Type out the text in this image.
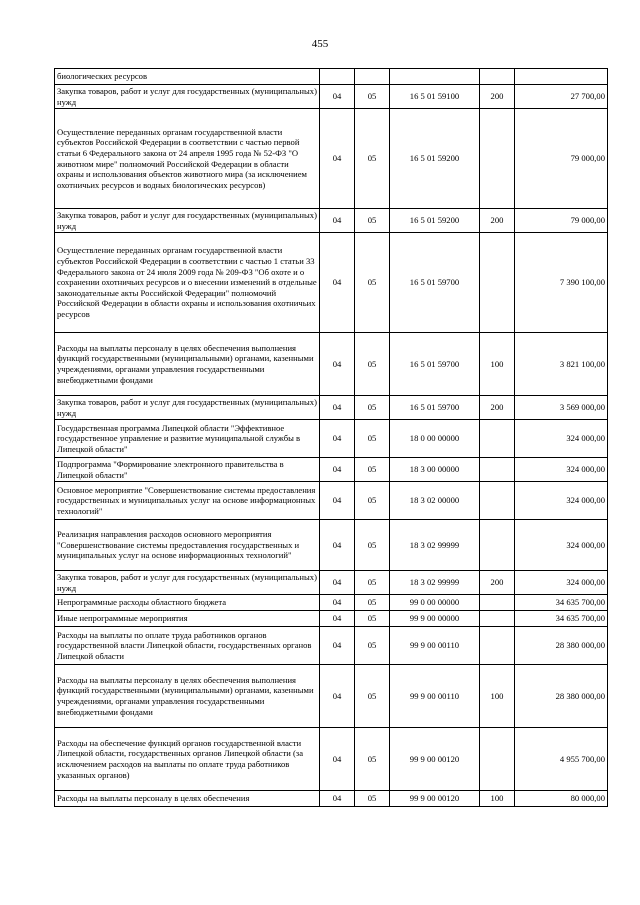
455
биологических ресурсов					
Закупка товаров, работ и услуг для государственных (муниципальных) нужд	04	05	16 5 01 59100	200	27 700,00
Осуществление переданных органам государственной власти субъектов Российской Федерации в соответствии с частью первой статьи 6 Федерального закона от 24 апреля 1995 года № 52-ФЗ "О животном мире" полномочий Российской Федерации в области охраны и использования объектов животного мира (за исключением охотничьих ресурсов и водных биологических ресурсов)	04	05	16 5 01 59200		79 000,00
Закупка товаров, работ и услуг для государственных (муниципальных) нужд	04	05	16 5 01 59200	200	79 000,00
Осуществление переданных органам государственной власти субъектов Российской Федерации в соответствии с частью 1 статьи 33 Федерального закона от 24 июля 2009 года № 209-ФЗ "Об охоте и о сохранении охотничьих ресурсов и о внесении изменений в отдельные законодательные акты Российской Федерации" полномочий Российской Федерации в области охраны и использования охотничьих ресурсов	04	05	16 5 01 59700		7 390 100,00
Расходы на выплаты персоналу в целях обеспечения выполнения функций государственными (муниципальными) органами, казенными учреждениями, органами управления государственными внебюджетными фондами	04	05	16 5 01 59700	100	3 821 100,00
Закупка товаров, работ и услуг для государственных (муниципальных) нужд	04	05	16 5 01 59700	200	3 569 000,00
Государственная программа Липецкой области "Эффективное государственное управление и развитие муниципальной службы в Липецкой области"	04	05	18 0 00 00000		324 000,00
Подпрограмма "Формирование электронного правительства в Липецкой области"	04	05	18 3 00 00000		324 000,00
Основное мероприятие "Совершенствование системы предоставления государственных и муниципальных услуг на основе информационных технологий"	04	05	18 3 02 00000		324 000,00
Реализация направления расходов основного мероприятия "Совершенствование системы предоставления государственных и муниципальных услуг на основе информационных технологий"	04	05	18 3 02 99999		324 000,00
Закупка товаров, работ и услуг для государственных (муниципальных) нужд	04	05	18 3 02 99999	200	324 000,00
Непрограммные расходы областного бюджета	04	05	99 0 00 00000		34 635 700,00
Иные непрограммные мероприятия	04	05	99 9 00 00000		34 635 700,00
Расходы на выплаты по оплате труда работников органов государственной власти Липецкой области, государственных органов Липецкой области	04	05	99 9 00 00110		28 380 000,00
Расходы на выплаты персоналу в целях обеспечения выполнения функций государственными (муниципальными) органами, казенными учреждениями, органами управления государственными внебюджетными фондами	04	05	99 9 00 00110	100	28 380 000,00
Расходы на обеспечение функций органов государственной власти Липецкой области, государственных органов Липецкой области (за исключением расходов на выплаты по оплате труда работников указанных органов)	04	05	99 9 00 00120		4 955 700,00
Расходы на выплаты персоналу в целях обеспечения	04	05	99 9 00 00120	100	80 000,00
